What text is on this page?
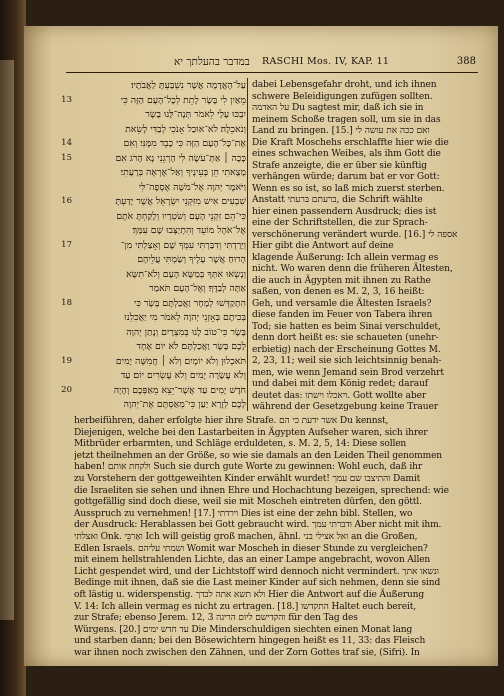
במדבר בהעלתך יא RASCHI Mos. IV, KAP. 11	388
עַל־הָאֲדָמָה אֲשֶׁר נִשְׁבַּעְתָּ לַאֲבֹתָיו׃
מֵאַיִן לִי בָּשָׂר לָתֵת לְכָל־הָעָם הַזֶּה כִּי
יִבְכּוּ עָלַי לֵאמֹר תְּנָה־לָּנוּ בָשָׂר
וְנֹאכֵלָה׃ לֹא־אוּכַל אָנֹכִי לְבַדִּי לָשֵׂאת
אֶת־כָּל־הָעָם הַזֶּה כִּי כָבֵד מִמֶּנִּי׃ וְאִם
כָּכָה ׀ אַתְּ־עֹשֶׂה לִּי הָרְגֵנִי נָא הָרֹג אִם
מָצָאתִי חֵן בְּעֵינֶיךָ וְאַל־אֶרְאֶה בְּרָעָתִי׃
וַיֹּאמֶר יְהוָה אֶל־מֹשֶׁה אֶסְפָה־לִּי
שִׁבְעִים אִישׁ מִזִּקְנֵי יִשְׂרָאֵל אֲשֶׁר יָדַעְתָּ
כִּי־הֵם זִקְנֵי הָעָם וְשֹׁטְרָיו וְלָקַחְתָּ אֹתָם
אֶל־אֹהֶל מוֹעֵד וְהִתְיַצְּבוּ שָׁם עִמָּךְ׃
וְיָרַדְתִּי וְדִבַּרְתִּי עִמְּךָ שָׁם וְאָצַלְתִּי מִן־
הָרוּחַ אֲשֶׁר עָלֶיךָ וְשַׂמְתִּי עֲלֵיהֶם
וְנָשְׂאוּ אִתְּךָ בְּמַשָּׂא הָעָם וְלֹא־תִשָּׂא
אַתָּה לְבַדֶּךָ׃ וְאֶל־הָעָם תֹּאמַר
הִתְקַדְּשׁוּ לְמָחָר וַאֲכַלְתֶּם בָּשָׂר כִּי
בְּכִיתֶם בְּאָזְנֵי יְהוָה לֵאמֹר מִי יַאֲכִלֵנוּ
בָּשָׂר כִּי־טוֹב לָנוּ בְּמִצְרָיִם וְנָתַן יְהוָה
לָכֶם בָּשָׂר וַאֲכַלְתֶּם׃ לֹא יוֹם אֶחָד
תֹּאכְלוּן וְלֹא יוֹמָיִם וְלֹא ׀ חֲמִשָּׁה יָמִים
וְלֹא עֲשָׂרָה יָמִים וְלֹא עֶשְׂרִים יוֹם׃ עַד
חֹדֶשׁ יָמִים עַד אֲשֶׁר־יֵצֵא מֵאַפְּכֶם וְהָיָה
לָכֶם לְזָרָא יַעַן כִּי־מְאַסְתֶּם אֶת־יְהוָה
13
14
15
16
17
18
19
20
dabei Lebensgefahr droht, und ich ihnen
schwere Beleidigungen zufügen sollten.
על האדמה Du sagtest mir, daß ich sie in
meinem Schoße tragen soll, um sie in das
Land zu bringen. [15.] ואם ככה את עושה לי
Die Kraft Moschehs erschlaffte hier wie die
eines schwachen Weibes, als ihm Gott die
Strafe anzeigte, die er über sie künftig
verhängen würde; darum bat er vor Gott:
Wenn es so ist, so laß mich zuerst sterben.
Anstatt ברעתם בּרעתי, die Schrift wählte
hier einen passendern Ausdruck; dies ist
eine der Schriftstellen, die zur Sprach-
verschönerung verändert wurde. [16.] אספה לי
Hier gibt die Antwort auf deine
klagende Äußerung: Ich allein vermag es
nicht. Wo waren denn die früheren Ältesten,
die auch in Ägypten mit ihnen zu Rathe
saßen, von denen es M. 2, 3, 16 heißt:
Geh, und versamle die Ältesten Israels?
diese fanden im Feuer von Tabera ihren
Tod; sie hatten es beim Sinai verschuldet,
denn dort heißt es: sie schaueten (unehr-
erbietig) nach der Erscheinung Gottes M.
2, 23, 11; weil sie sich leichtsinnig benah-
men, wie wenn Jemand sein Brod verzehrt
und dabei mit dem König redet; darauf
deutet das: ויאכלו וישתו. Gott wollte aber
während der Gesetzgebung keine Trauer
herbeiführen, daher erfolgte hier ihre Strafe. אשר ידעת כי הם Du kennst,
Diejenigen, welche bei den Lastarbeiten in Ägypten Aufseher waren, sich ihrer
Mitbrüder erbarmten, und Schläge erduldeten, s. M. 2, 5, 14: Diese sollen
jetzt theilnehmen an der Größe, so wie sie damals an den Leiden Theil genommen
haben! ולקחת אותם Such sie durch gute Worte zu gewinnen: Wohl euch, daß ihr
zu Vorstehern der gottgeweihten Kinder erwählt wurdet! והתיצבו שם עמך Damit
die Israeliten sie sehen und ihnen Ehre und Hochachtung bezeigen, sprechend: wie
gottgefällig sind doch diese, weil sie mit Moscheh eintreten dürfen, den göttl.
Ausspruch zu vernehmen! [17.] וירדתי Dies ist eine der zehn bibl. Stellen, wo
der Ausdruck: Herablassen bei Gott gebraucht wird. ודברתי עמך Aber nicht mit ihm.
ואצלתי Onk. ואַרבֵּי Ich will geistig groß machen, ähnl. ואל אצילי בני an die Großen,
Edlen Israels. ושמתי עליהם Womit war Moscheh in dieser Stunde zu vergleichen?
mit einem hellstrahlenden Lichte, das an einer Lampe angebracht, wovon Allen
Licht gespendet wird, und der Lichtstoff wird dennoch nicht vermindert. ונשאו אתך
Bedinge mit ihnen, daß sie die Last meiner Kinder auf sich nehmen, denn sie sind
oft lästig u. widerspenstig. ולא תשא אתה לבדך Hier die Antwort auf die Äußerung
V. 14: Ich allein vermag es nicht zu ertragen. [18.] התקדשו Haltet euch bereit,
zur Strafe; ebenso Jerem. 12, 3 והקדישם ליום הריגה für den Tag des
Würgens. [20.] עד חדש ימים Die Minderschuldigen siechten einen Monat lang
und starben dann; bei den Bösewichtern hingegen heißt es 11, 33: das Fleisch
war ihnen noch zwischen den Zähnen, und der Zorn Gottes traf sie, (Sifri). In
